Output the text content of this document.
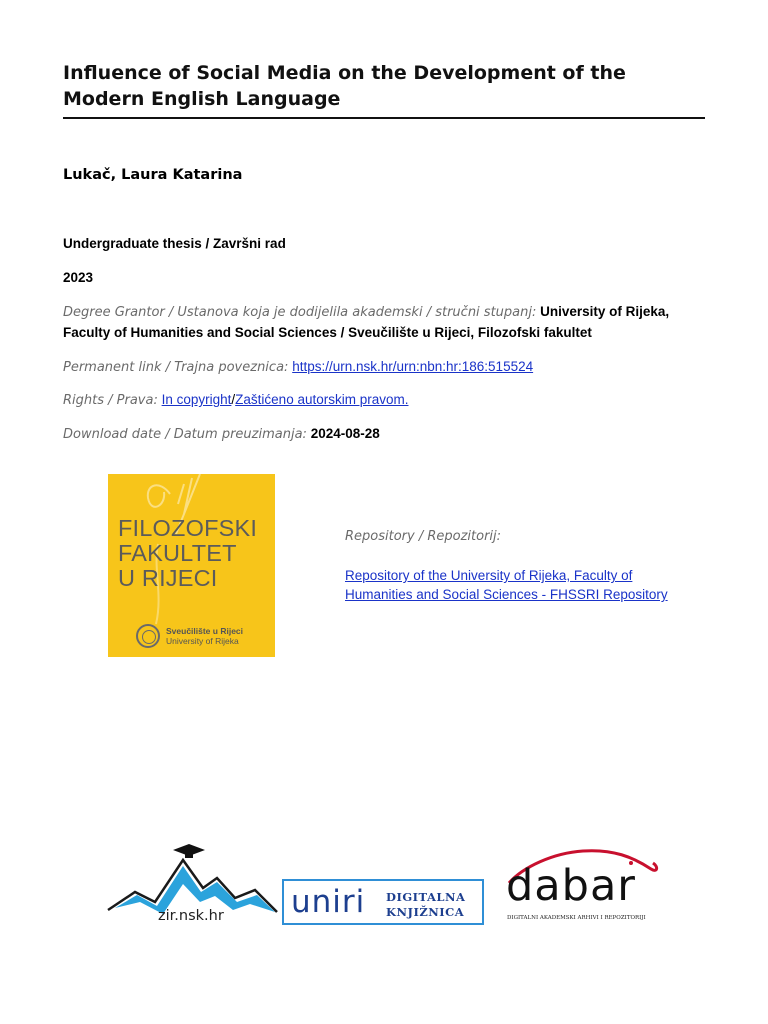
Influence of Social Media on the Development of the Modern English Language
Lukač, Laura Katarina
Undergraduate thesis / Završni rad
2023
Degree Grantor / Ustanova koja je dodijelila akademski / stručni stupanj: University of Rijeka, Faculty of Humanities and Social Sciences / Sveučilište u Rijeci, Filozofski fakultet
Permanent link / Trajna poveznica: https://urn.nsk.hr/urn:nbn:hr:186:515524
Rights / Prava: In copyright/Zaštićeno autorskim pravom.
Download date / Datum preuzimanja: 2024-08-28
FILOZOFSKI
FAKULTET
U RIJECI
Sveučilište u Rijeci
University of Rijeka
Repository / Repozitorij:
Repository of the University of Rijeka, Faculty of Humanities and Social Sciences - FHSSRI Repository
zir.nsk.hr uniri DIGITALNA
KNJIŽNICA
dabar
DIGITALNI AKADEMSKI ARHIVI I REPOZITORIJI
